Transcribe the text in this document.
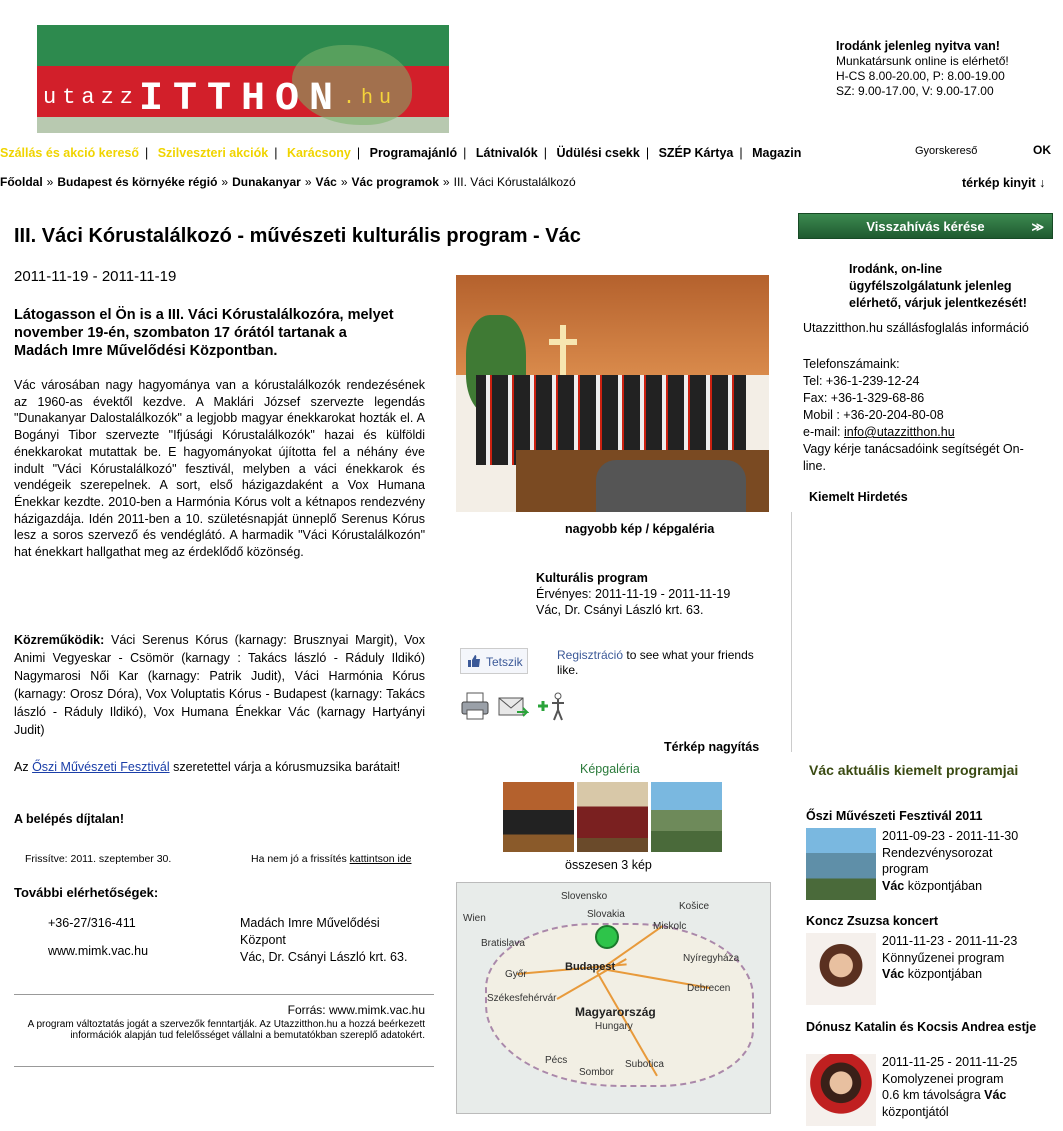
utazzITTHON.hu
Irodánk jelenleg nyitva van!
Munkatársunk online is elérhető!
H-CS 8.00-20.00, P: 8.00-19.00
SZ: 9.00-17.00, V: 9.00-17.00
Szállás és akció kereső | Szilveszteri akciók | Karácsony | Programajánló | Látnivalók | Üdülési csekk | SZÉP Kártya | Magazin	Gyorskereső	OK
Főoldal » Budapest és környéke régió » Dunakanyar » Vác » Vác programok » III. Váci Kórustalálkozó	térkép kinyit ↓
III. Váci Kórustalálkozó - művészeti kulturális program - Vác
2011-11-19 - 2011-11-19

Látogasson el Ön is a III. Váci Kórustalálkozóra, melyet november 19-én, szombaton 17 órától tartanak a Madách Imre Művelődési Központban.

Vác városában nagy hagyománya van a kórustalálkozók rendezésének az 1960-as évektől kezdve. A Maklári József szervezte legendás "Dunakanyar Dalostalálkozók" a legjobb magyar énekkarokat hozták el. A Bogányi Tibor szervezte "Ifjúsági Kórustalálkozók" hazai és külföldi énekkarokat mutattak be. E hagyományokat újította fel a néhány éve indult "Váci Kórustalálkozó" fesztivál, melyben a váci énekkarok és vendégeik szerepelnek. A sort, első házigazdaként a Vox Humana Énekkar kezdte. 2010-ben a Harmónia Kórus volt a kétnapos rendezvény házigazdája. Idén 2011-ben a 10. születésnapját ünneplő Serenus Kórus lesz a soros szervező és vendéglátó. A harmadik "Váci Kórustalálkozón" hat énekkart hallgathat meg az érdeklődő közönség.

Közreműködik: Váci Serenus Kórus (karnagy: Brusznyai Margit), Vox Animi Vegyeskar - Csömör (karnagy : Takács lászló - Ráduly Ildikó) Nagymarosi Női Kar (karnagy: Patrik Judit), Váci Harmónia Kórus (karnagy: Orosz Dóra), Vox Voluptatis Kórus - Budapest (karnagy: Takács lászló - Ráduly Ildikó), Vox Humana Énekkar Vác (karnagy Hartyányi Judit)

Az Őszi Művészeti Fesztivál szeretettel várja a kórusmuzsika barátait!

A belépés díjtalan!
Frissítve: 2011. szeptember 30.	Ha nem jó a frissítés kattintson ide
További elérhetőségek:
+36-27/316-411
www.mimk.vac.hu
Madách Imre Művelődési Központ
Vác, Dr. Csányi László krt. 63.
Forrás: www.mimk.vac.hu
A program változtatás jogát a szervezők fenntartják. Az Utazzitthon.hu a hozzá beérkezett információk alapján tud felelősséget vállalni a bemutatókban szereplő adatokért.
nagyobb kép / képgaléria
Kulturális program
Érvényes: 2011-11-19 - 2011-11-19
Vác, Dr. Csányi László krt. 63.
Tetszik	Regisztráció to see what your friends like.

Térkép nagyítás
Képgaléria
összesen 3 kép
Slovensko
Slovakia
Košice
Wien
Bratislava
Miskolc
Nyíregyháza
Győr
Budapest
Debrecen
Székesfehérvár
Magyarország
Hungary
Pécs	Subotica
Sombor
Visszahívás kérése	≫
Irodánk, on-line ügyfélszolgálatunk jelenleg elérhető, várjuk jelentkezését!
Utazzitthon.hu szállásfoglalás információ
Telefonszámaink:
Tel: +36-1-239-12-24
Fax: +36-1-329-68-86
Mobil : +36-20-204-80-08
e-mail: info@utazzitthon.hu
Vagy kérje tanácsadóink segítségét On-line.
Kiemelt Hirdetés
Vác aktuális kiemelt programjai
Őszi Művészeti Fesztivál 2011
2011-09-23 - 2011-11-30
Rendezvénysorozat program
Vác központjában
Koncz Zsuzsa koncert
2011-11-23 - 2011-11-23
Könnyűzenei program
Vác központjában
Dónusz Katalin és Kocsis Andrea estje
2011-11-25 - 2011-11-25
Komolyzenei program
0.6 km távolságra Vác
központjától
